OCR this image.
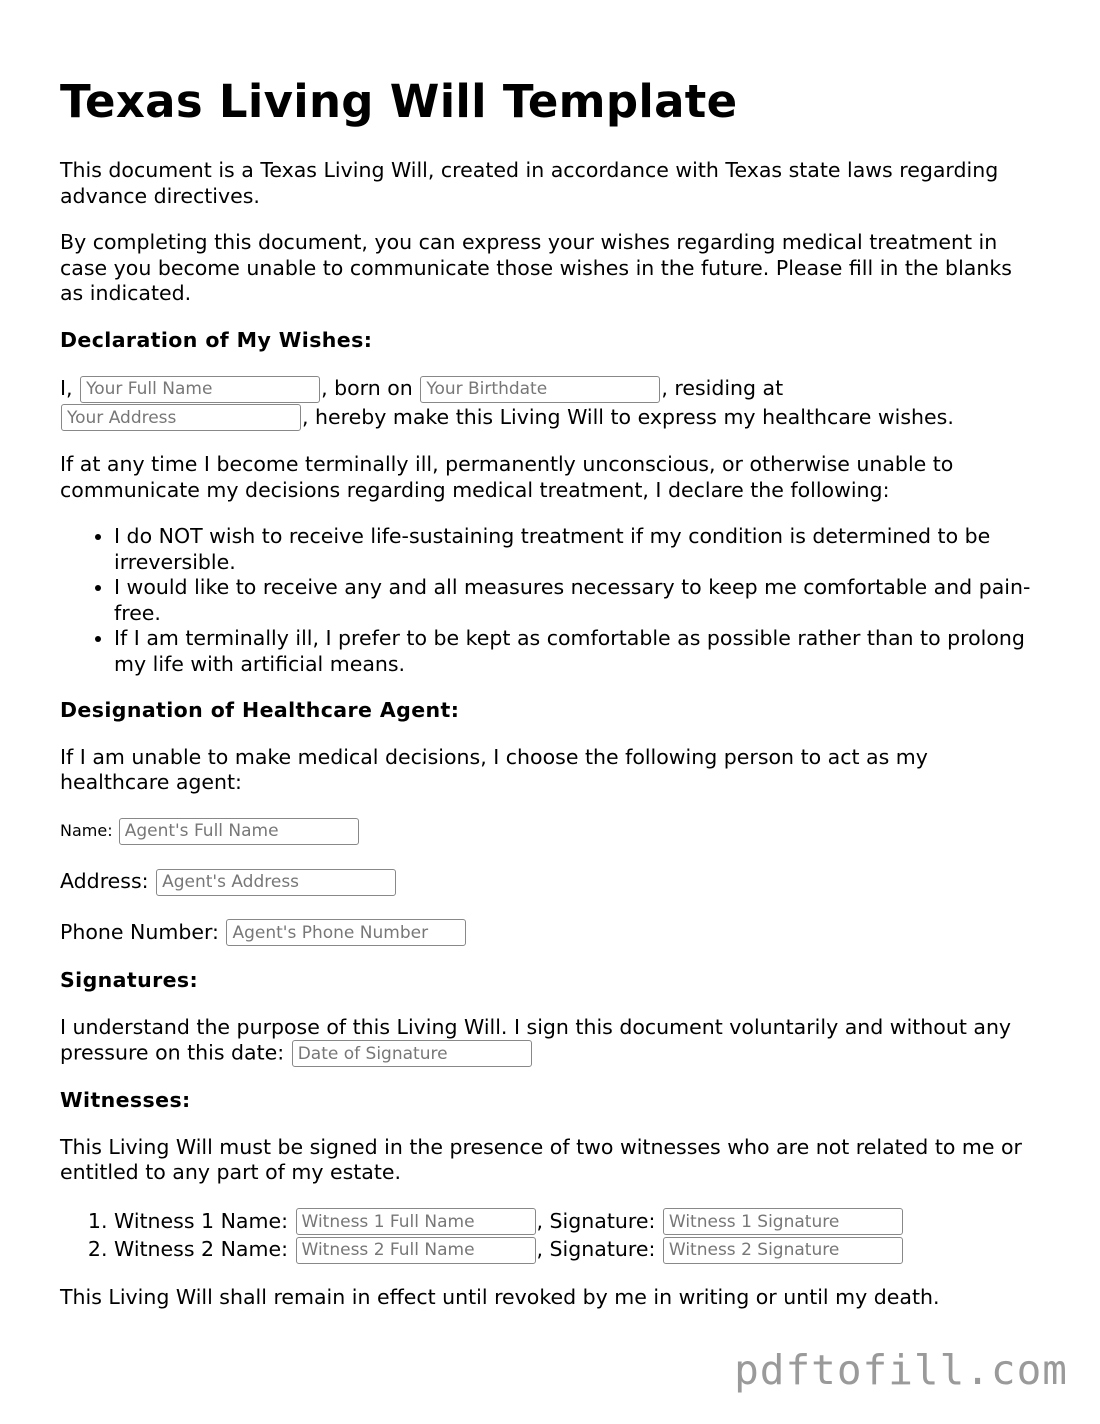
Texas Living Will Template

This document is a Texas Living Will, created in accordance with Texas state laws regarding advance directives.

By completing this document, you can express your wishes regarding medical treatment in case you become unable to communicate those wishes in the future. Please fill in the blanks as indicated.

Declaration of My Wishes:

I, Your Full Name	, born on Your Birthdate	, residing at
Your Address, hereby make this Living Will to express my healthcare wishes.

If at any time I become terminally ill, permanently unconscious, or otherwise unable to communicate my decisions regarding medical treatment, I declare the following:

• I do NOT wish to receive life-sustaining treatment if my condition is determined to be irreversible.
• I would like to receive any and all measures necessary to keep me comfortable and pain-free.
• If I am terminally ill, I prefer to be kept as comfortable as possible rather than to prolong my life with artificial means.
Designation of Healthcare Agent:

If I am unable to make medical decisions, I choose the following person to act as my healthcare agent:

Name: Agent's Full Name
Address: Agent's Address
Phone Number: Agent's Phone Number
Signatures:

I understand the purpose of this Living Will. I sign this document voluntarily and without any pressure on this date: Date of Signature

Witnesses:

This Living Will must be signed in the presence of two witnesses who are not related to me or entitled to any part of my estate.

1. Witness 1 Name: Witness 1 Full Name	, Signature: Witness 1 Signature
2. Witness 2 Name: Witness 2 Full Name	, Signature: Witness 2 Signature

This Living Will shall remain in effect until revoked by me in writing or until my death.

pdftofill.com
